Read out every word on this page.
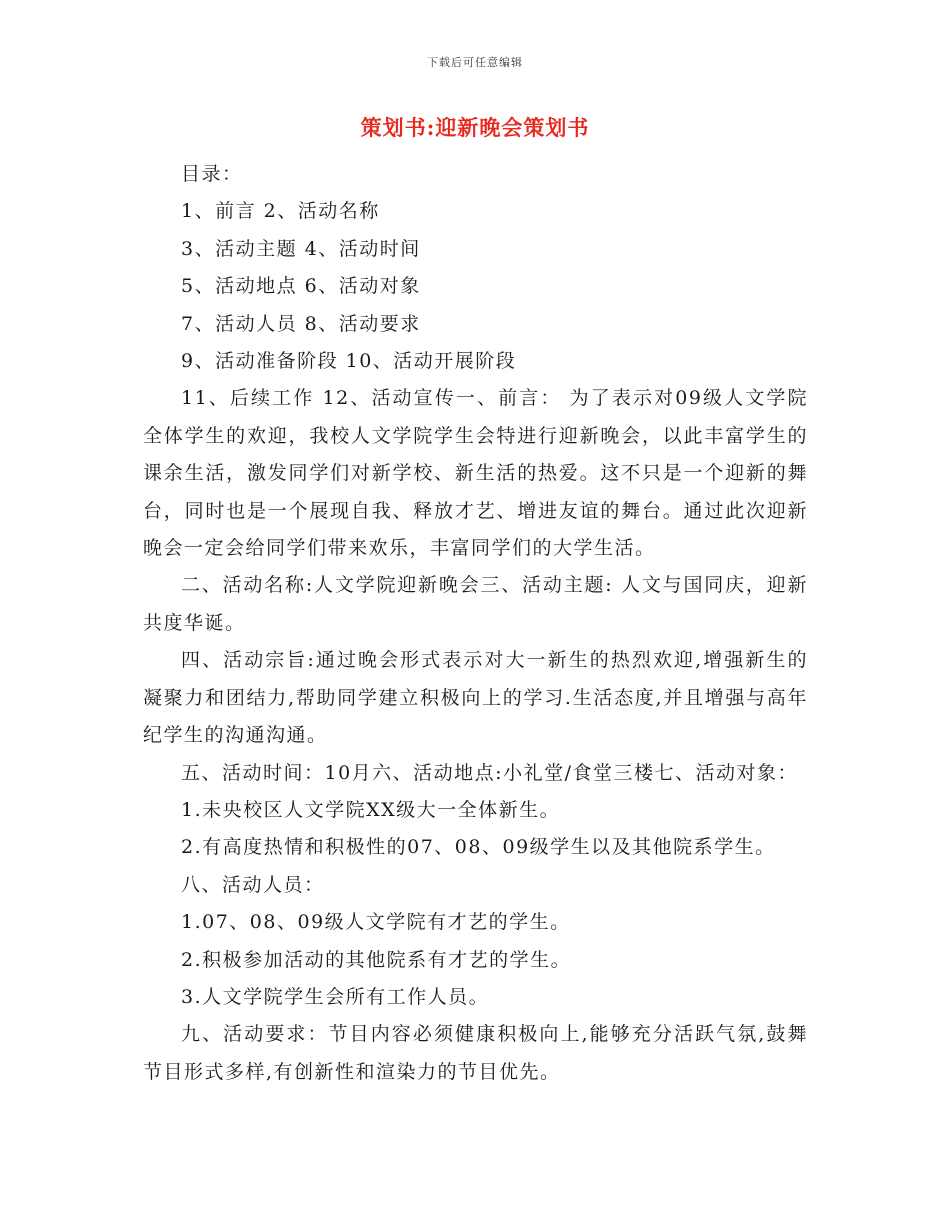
下载后可任意编辑
策划书:迎新晚会策划书

目录：

1、前言 2、活动名称

3、活动主题 4、活动时间

5、活动地点 6、活动对象

7、活动人员 8、活动要求

9、活动准备阶段 10、活动开展阶段

11、后续工作 12、活动宣传一、前言： 为了表示对09级人文学院全体学生的欢迎，我校人文学院学生会特进行迎新晚会，以此丰富学生的课余生活，激发同学们对新学校、新生活的热爱。这不只是一个迎新的舞台，同时也是一个展现自我、释放才艺、增进友谊的舞台。通过此次迎新晚会一定会给同学们带来欢乐，丰富同学们的大学生活。

二、活动名称:人文学院迎新晚会三、活动主题: 人文与国同庆，迎新共度华诞。

四、活动宗旨:通过晚会形式表示对大一新生的热烈欢迎,增强新生的凝聚力和团结力,帮助同学建立积极向上的学习.生活态度,并且增强与高年纪学生的沟通沟通。

五、活动时间：10月六、活动地点:小礼堂/食堂三楼七、活动对象：

1.未央校区人文学院XX级大一全体新生。

2.有高度热情和积极性的07、08、09级学生以及其他院系学生。

八、活动人员：

1.07、08、09级人文学院有才艺的学生。

2.积极参加活动的其他院系有才艺的学生。

3.人文学院学生会所有工作人员。

九、活动要求：节目内容必须健康积极向上,能够充分活跃气氛,鼓舞节目形式多样,有创新性和渲染力的节目优先。
